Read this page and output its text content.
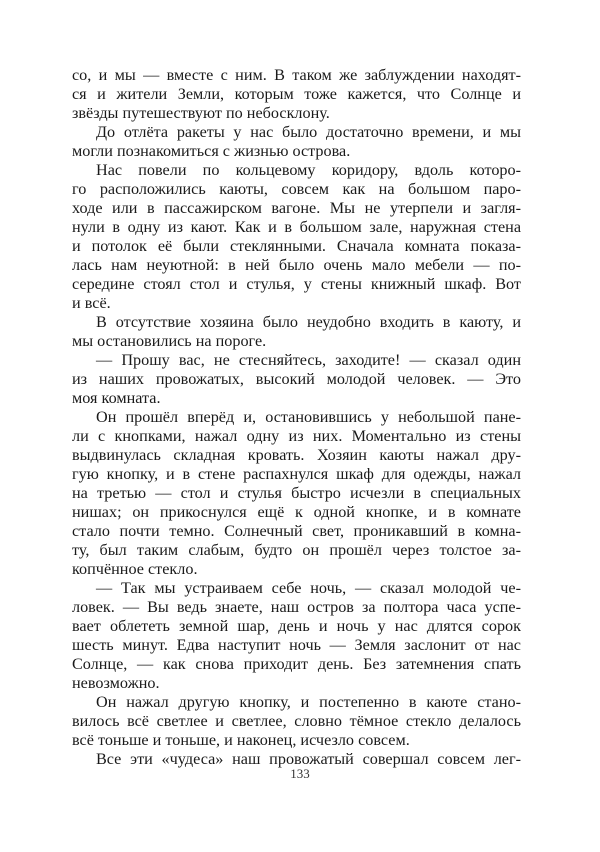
со, и мы — вместе с ним. В таком же заблуждении находят-
ся и жители Земли, которым тоже кажется, что Солнце и
звёзды путешествуют по небосклону.
До отлёта ракеты у нас было достаточно времени, и мы
могли познакомиться с жизнью острова.
Нас повели по кольцевому коридору, вдоль которо-
го расположились каюты, совсем как на большом паро-
ходе или в пассажирском вагоне. Мы не утерпели и загля-
нули в одну из кают. Как и в большом зале, наружная стена
и потолок её были стеклянными. Сначала комната показа-
лась нам неуютной: в ней было очень мало мебели — по-
середине стоял стол и стулья, у стены книжный шкаф. Вот
и всё.
В отсутствие хозяина было неудобно входить в каюту, и
мы остановились на пороге.
— Прошу вас, не стесняйтесь, заходите! — сказал один
из наших провожатых, высокий молодой человек. — Это
моя комната.
Он прошёл вперёд и, остановившись у небольшой пане-
ли с кнопками, нажал одну из них. Моментально из стены
выдвинулась складная кровать. Хозяин каюты нажал дру-
гую кнопку, и в стене распахнулся шкаф для одежды, нажал
на третью — стол и стулья быстро исчезли в специальных
нишах; он прикоснулся ещё к одной кнопке, и в комнате
стало почти темно. Солнечный свет, проникавший в комна-
ту, был таким слабым, будто он прошёл через толстое за-
копчённое стекло.
— Так мы устраиваем себе ночь, — сказал молодой че-
ловек. — Вы ведь знаете, наш остров за полтора часа успе-
вает облететь земной шар, день и ночь у нас длятся сорок
шесть минут. Едва наступит ночь — Земля заслонит от нас
Солнце, — как снова приходит день. Без затемнения спать
невозможно.
Он нажал другую кнопку, и постепенно в каюте стано-
вилось всё светлее и светлее, словно тёмное стекло делалось
всё тоньше и тоньше, и наконец, исчезло совсем.
Все эти «чудеса» наш провожатый совершал совсем лег-
133
